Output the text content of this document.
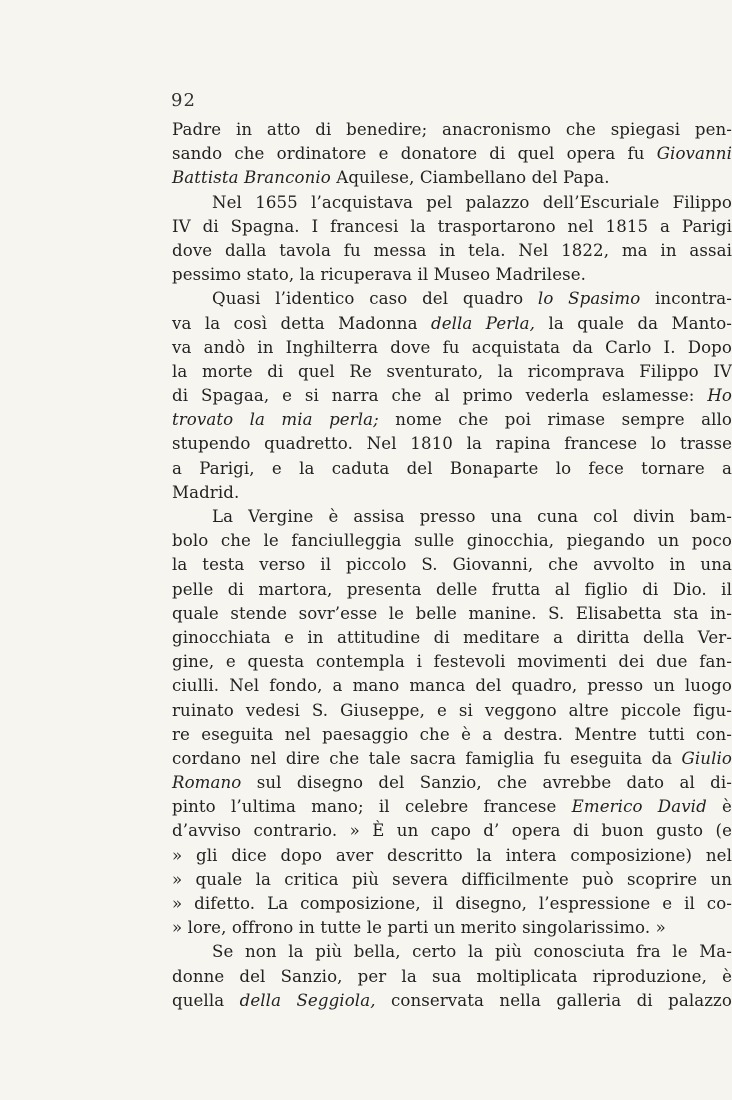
92
Padre in atto di benedire; anacronismo che spiegasi pen-
sando che ordinatore e donatore di quel opera fu Giovanni
Battista Branconio Aquilese, Ciambellano del Papa.
Nel 1655 l’acquistava pel palazzo dell’Escuriale Filippo
IV di Spagna. I francesi la trasportarono nel 1815 a Parigi
dove dalla tavola fu messa in tela. Nel 1822, ma in assai
pessimo stato, la ricuperava il Museo Madrilese.
Quasi l’identico caso del quadro lo Spasimo incontra-
va la così detta Madonna della Perla, la quale da Manto-
va andò in Inghilterra dove fu acquistata da Carlo I. Dopo
la morte di quel Re sventurato, la ricomprava Filippo IV
di Spagaa, e si narra che al primo vederla eslamesse: Ho
trovato la mia perla; nome che poi rimase sempre allo
stupendo quadretto. Nel 1810 la rapina francese lo trasse
a Parigi, e la caduta del Bonaparte lo fece tornare a
Madrid.
La Vergine è assisa presso una cuna col divin bam-
bolo che le fanciulleggia sulle ginocchia, piegando un poco
la testa verso il piccolo S. Giovanni, che avvolto in una
pelle di martora, presenta delle frutta al figlio di Dio. il
quale stende sovr’esse le belle manine. S. Elisabetta sta in-
ginocchiata e in attitudine di meditare a diritta della Ver-
gine, e questa contempla i festevoli movimenti dei due fan-
ciulli. Nel fondo, a mano manca del quadro, presso un luogo
ruinato vedesi S. Giuseppe, e si veggono altre piccole figu-
re eseguita nel paesaggio che è a destra. Mentre tutti con-
cordano nel dire che tale sacra famiglia fu eseguita da Giulio
Romano sul disegno del Sanzio, che avrebbe dato al di-
pinto l’ultima mano; il celebre francese Emerico David è
d’avviso contrario. » È un capo d’ opera di buon gusto (e
» gli dice dopo aver descritto la intera composizione) nel
» quale la critica più severa difficilmente può scoprire un
» difetto. La composizione, il disegno, l’espressione e il co-
» lore, offrono in tutte le parti un merito singolarissimo. »
Se non la più bella, certo la più conosciuta fra le Ma-
donne del Sanzio, per la sua moltiplicata riproduzione, è
quella della Seggiola, conservata nella galleria di palazzo
